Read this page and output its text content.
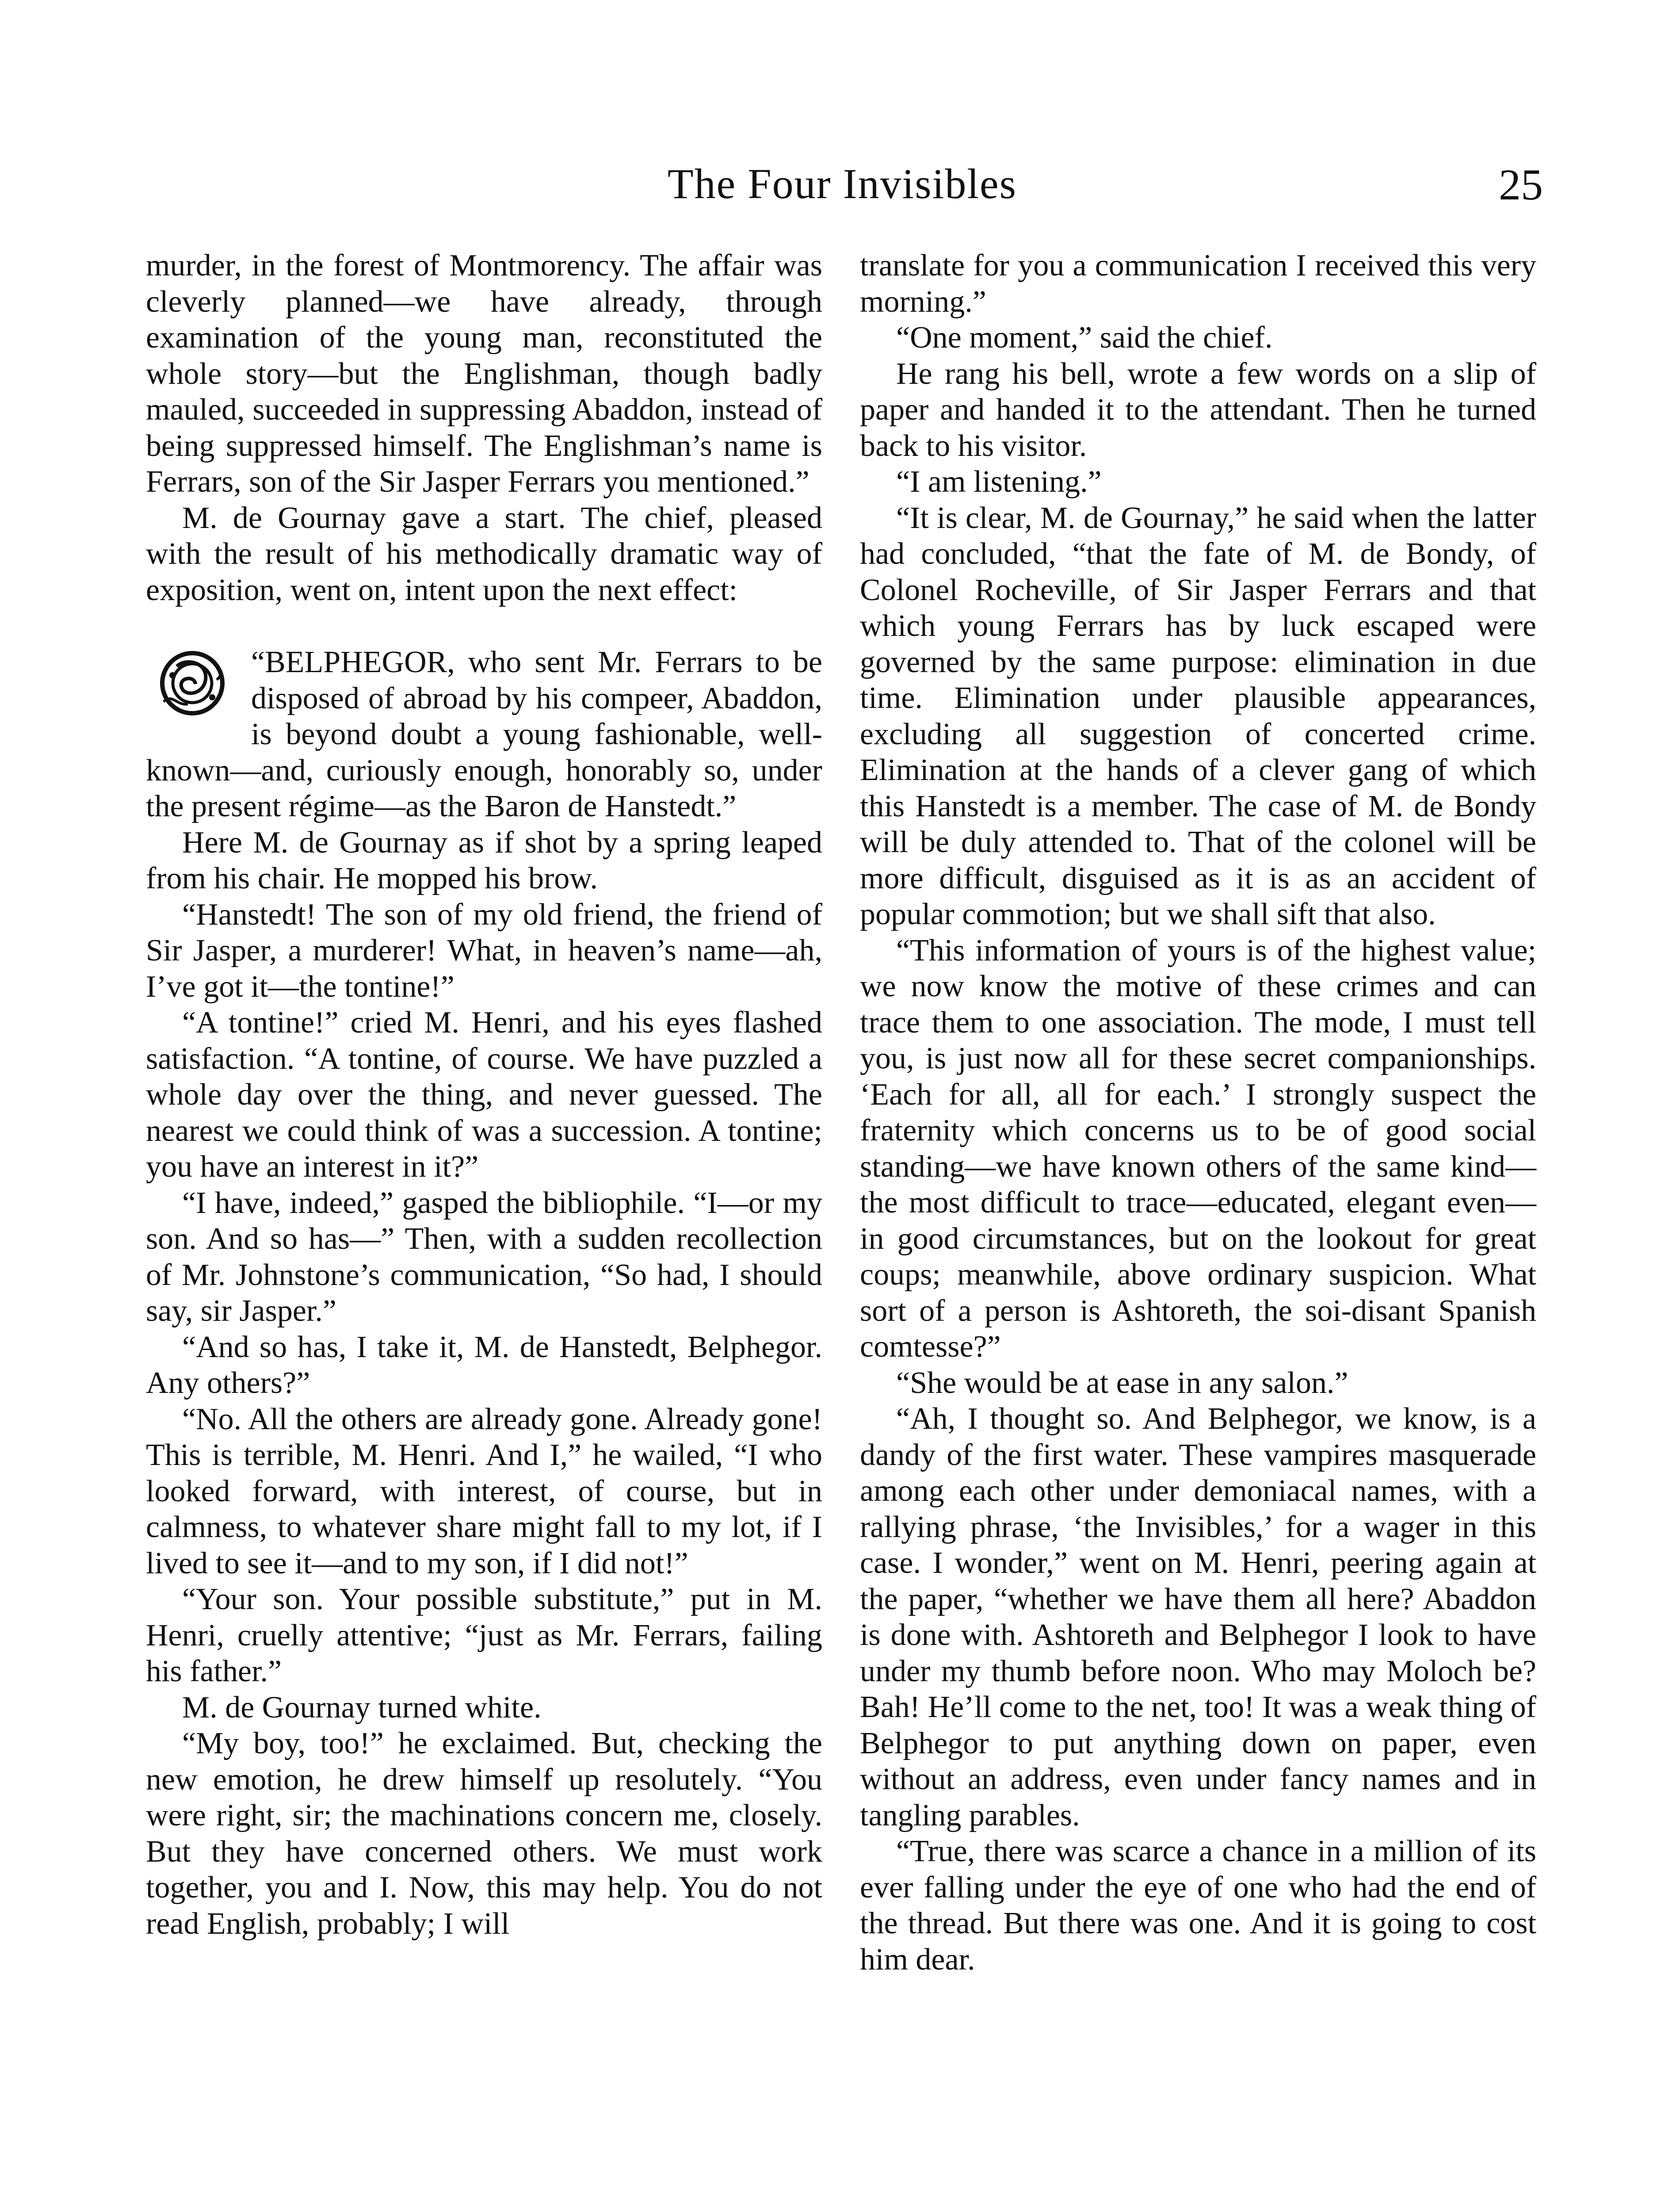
The Four Invisibles	25

murder, in the forest of Montmorency. The affair was cleverly planned—we have already, through examination of the young man, reconstituted the whole story—but the Englishman, though badly mauled, succeeded in suppressing Abaddon, instead of being suppressed himself. The Englishman’s name is Ferrars, son of the Sir Jasper Ferrars you mentioned.”

M. de Gournay gave a start. The chief, pleased with the result of his methodically dramatic way of exposition, went on, intent upon the next effect:

“BELPHEGOR, who sent Mr. Ferrars to be disposed of abroad by his compeer, Abaddon, is beyond doubt a young fashionable, well-known—and, curiously enough, honorably so, under the present régime—as the Baron de Hanstedt.”

Here M. de Gournay as if shot by a spring leaped from his chair. He mopped his brow.

“Hanstedt! The son of my old friend, the friend of Sir Jasper, a murderer! What, in heaven’s name—ah, I’ve got it—the tontine!”

“A tontine!” cried M. Henri, and his eyes flashed satisfaction. “A tontine, of course. We have puzzled a whole day over the thing, and never guessed. The nearest we could think of was a succession. A tontine; you have an interest in it?”

“I have, indeed,” gasped the bibliophile. “I—or my son. And so has—” Then, with a sudden recollection of Mr. Johnstone’s communication, “So had, I should say, sir Jasper.”

“And so has, I take it, M. de Hanstedt, Belphegor. Any others?”

“No. All the others are already gone. Already gone! This is terrible, M. Henri. And I,” he wailed, “I who looked forward, with interest, of course, but in calmness, to whatever share might fall to my lot, if I lived to see it—and to my son, if I did not!”

“Your son. Your possible substitute,” put in M. Henri, cruelly attentive; “just as Mr. Ferrars, failing his father.”

M. de Gournay turned white.

“My boy, too!” he exclaimed. But, checking the new emotion, he drew himself up resolutely. “You were right, sir; the machinations concern me, closely. But they have concerned others. We must work together, you and I. Now, this may help. You do not read English, probably; I will

translate for you a communication I received this very morning.”

“One moment,” said the chief.

He rang his bell, wrote a few words on a slip of paper and handed it to the attendant. Then he turned back to his visitor.

“I am listening.”

“It is clear, M. de Gournay,” he said when the latter had concluded, “that the fate of M. de Bondy, of Colonel Rocheville, of Sir Jasper Ferrars and that which young Ferrars has by luck escaped were governed by the same purpose: elimination in due time. Elimination under plausible appearances, excluding all suggestion of concerted crime. Elimination at the hands of a clever gang of which this Hanstedt is a member. The case of M. de Bondy will be duly attended to. That of the colonel will be more difficult, disguised as it is as an accident of popular commotion; but we shall sift that also.

“This information of yours is of the highest value; we now know the motive of these crimes and can trace them to one association. The mode, I must tell you, is just now all for these secret companionships. ‘Each for all, all for each.’ I strongly suspect the fraternity which concerns us to be of good social standing—we have known others of the same kind—the most difficult to trace—educated, elegant even—in good circumstances, but on the lookout for great coups; meanwhile, above ordinary suspicion. What sort of a person is Ashtoreth, the soi-disant Spanish comtesse?”

“She would be at ease in any salon.”

“Ah, I thought so. And Belphegor, we know, is a dandy of the first water. These vampires masquerade among each other under demoniacal names, with a rallying phrase, ‘the Invisibles,’ for a wager in this case. I wonder,” went on M. Henri, peering again at the paper, “whether we have them all here? Abaddon is done with. Ashtoreth and Belphegor I look to have under my thumb before noon. Who may Moloch be? Bah! He’ll come to the net, too! It was a weak thing of Belphegor to put anything down on paper, even without an address, even under fancy names and in tangling parables.

“True, there was scarce a chance in a million of its ever falling under the eye of one who had the end of the thread. But there was one. And it is going to cost him dear.
